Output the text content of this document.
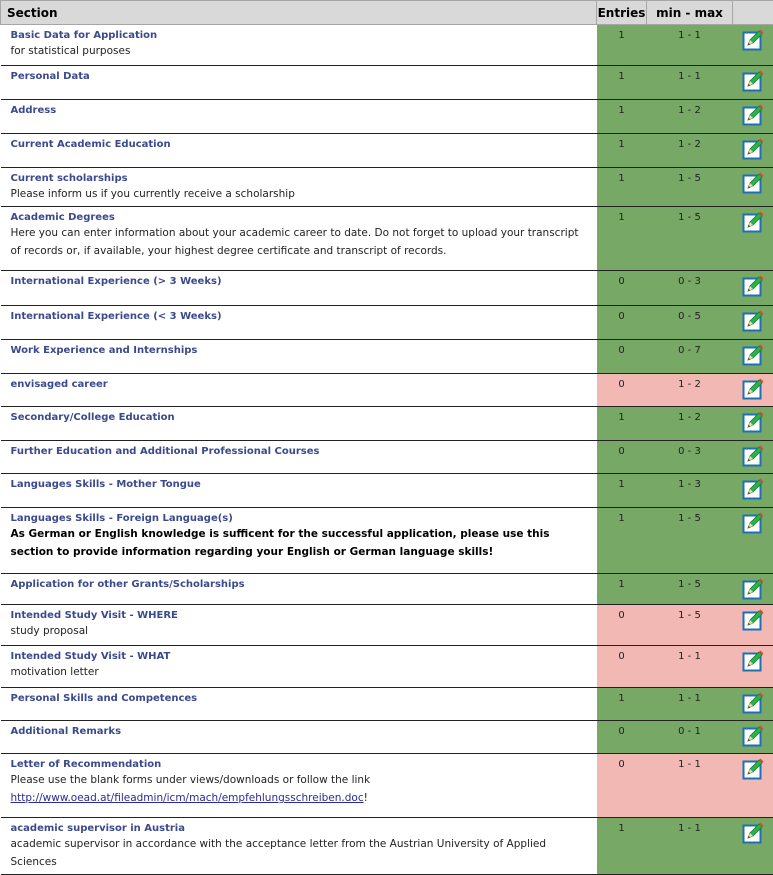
Section	Entries	min - max	

Basic Data for Application
for statistical purposes	1	1 - 1	

Personal Data	1	1 - 1	

Address	1	1 - 2	

Current Academic Education	1	1 - 2	

Current scholarships
Please inform us if you currently receive a scholarship	1	1 - 5	

Academic Degrees
Here you can enter information about your academic career to date. Do not forget to upload your transcript of records or, if available, your highest degree certificate and transcript of records.	1	1 - 5	

International Experience (> 3 Weeks)	0	0 - 3	

International Experience (< 3 Weeks)	0	0 - 5	

Work Experience and Internships	0	0 - 7	

envisaged career	0	1 - 2	

Secondary/College Education	1	1 - 2	

Further Education and Additional Professional Courses	0	0 - 3	

Languages Skills - Mother Tongue	1	1 - 3	

Languages Skills - Foreign Language(s)
As German or English knowledge is sufficent for the successful application, please use this section to provide information regarding your English or German language skills!	1	1 - 5	

Application for other Grants/Scholarships	1	1 - 5	

Intended Study Visit - WHERE
study proposal	0	1 - 5	

Intended Study Visit - WHAT
motivation letter	0	1 - 1	

Personal Skills and Competences	1	1 - 1	

Additional Remarks	0	0 - 1	

Letter of Recommendation
Please use the blank forms under views/downloads or follow the link
http://www.oead.at/fileadmin/icm/mach/empfehlungsschreiben.doc!	0	1 - 1	

academic supervisor in Austria
academic supervisor in accordance with the acceptance letter from the Austrian University of Applied Sciences	1	1 - 1	
